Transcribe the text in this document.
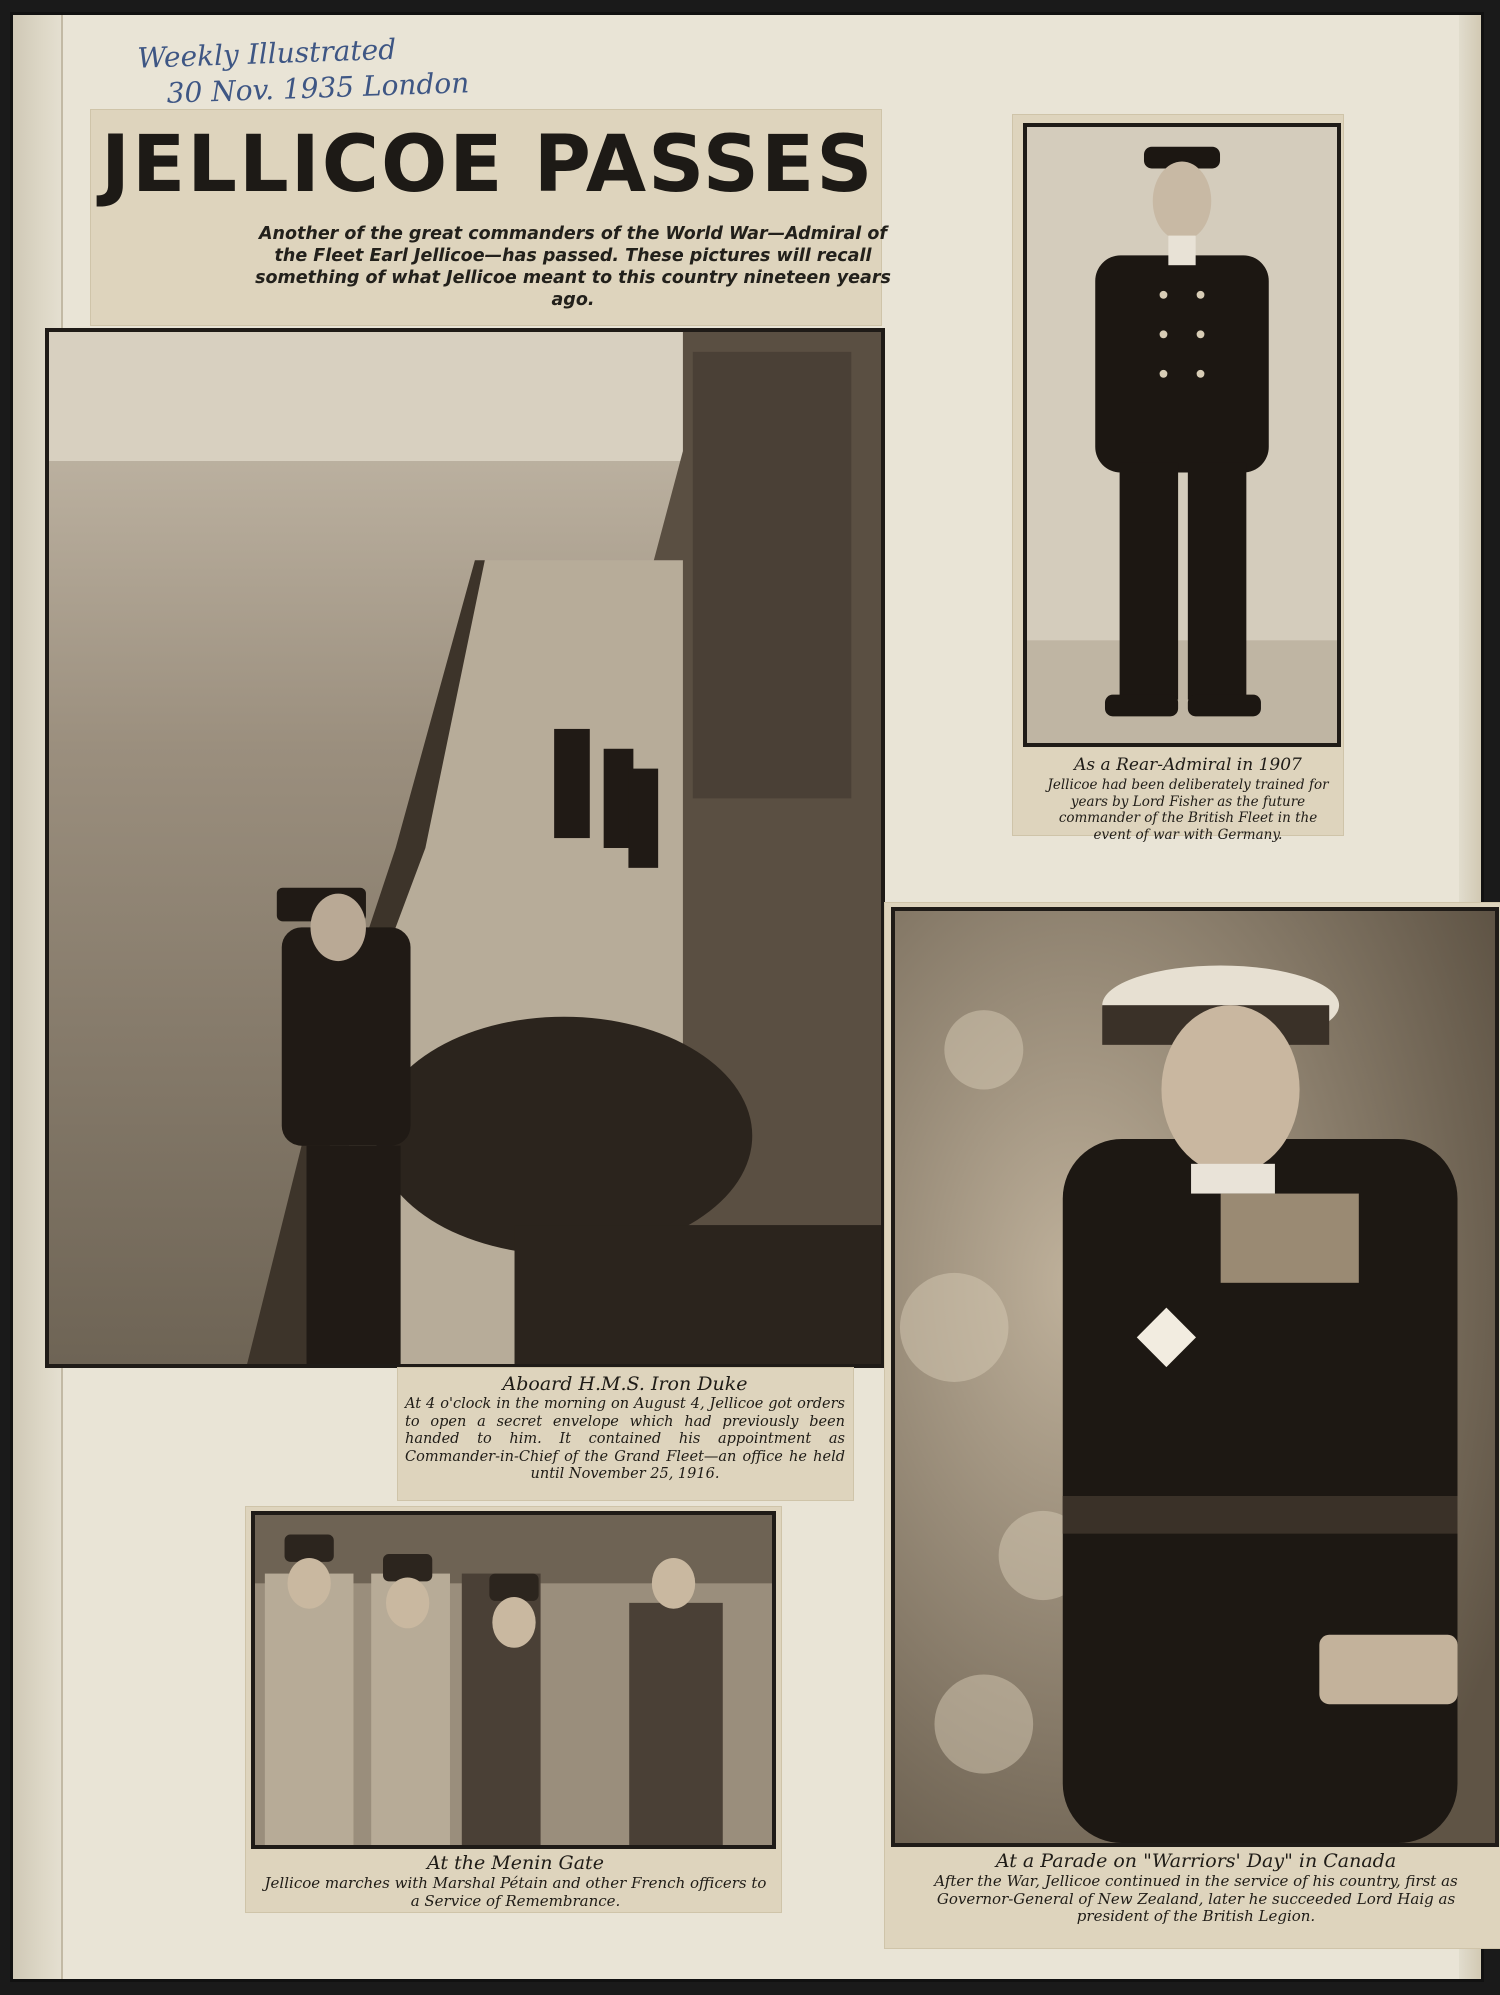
Weekly Illustrated
30 Nov. 1935 London
JELLICOE PASSES
Another of the great commanders of the World War—Admiral of the Fleet Earl Jellicoe—has passed. These pictures will recall something of what Jellicoe meant to this country nineteen years ago.
Aboard H.M.S. Iron Duke
At 4 o'clock in the morning on August 4, Jellicoe got orders to open a secret envelope which had previously been handed to him. It contained his appointment as Commander-in-Chief of the Grand Fleet—an office he held until November 25, 1916.
As a Rear-Admiral in 1907
Jellicoe had been deliberately trained for years by Lord Fisher as the future commander of the British Fleet in the event of war with Germany.
At a Parade on "Warriors' Day" in Canada
After the War, Jellicoe continued in the service of his country, first as Governor-General of New Zealand, later he succeeded Lord Haig as president of the British Legion.
At the Menin Gate
Jellicoe marches with Marshal Pétain and other French officers to a Service of Remembrance.
